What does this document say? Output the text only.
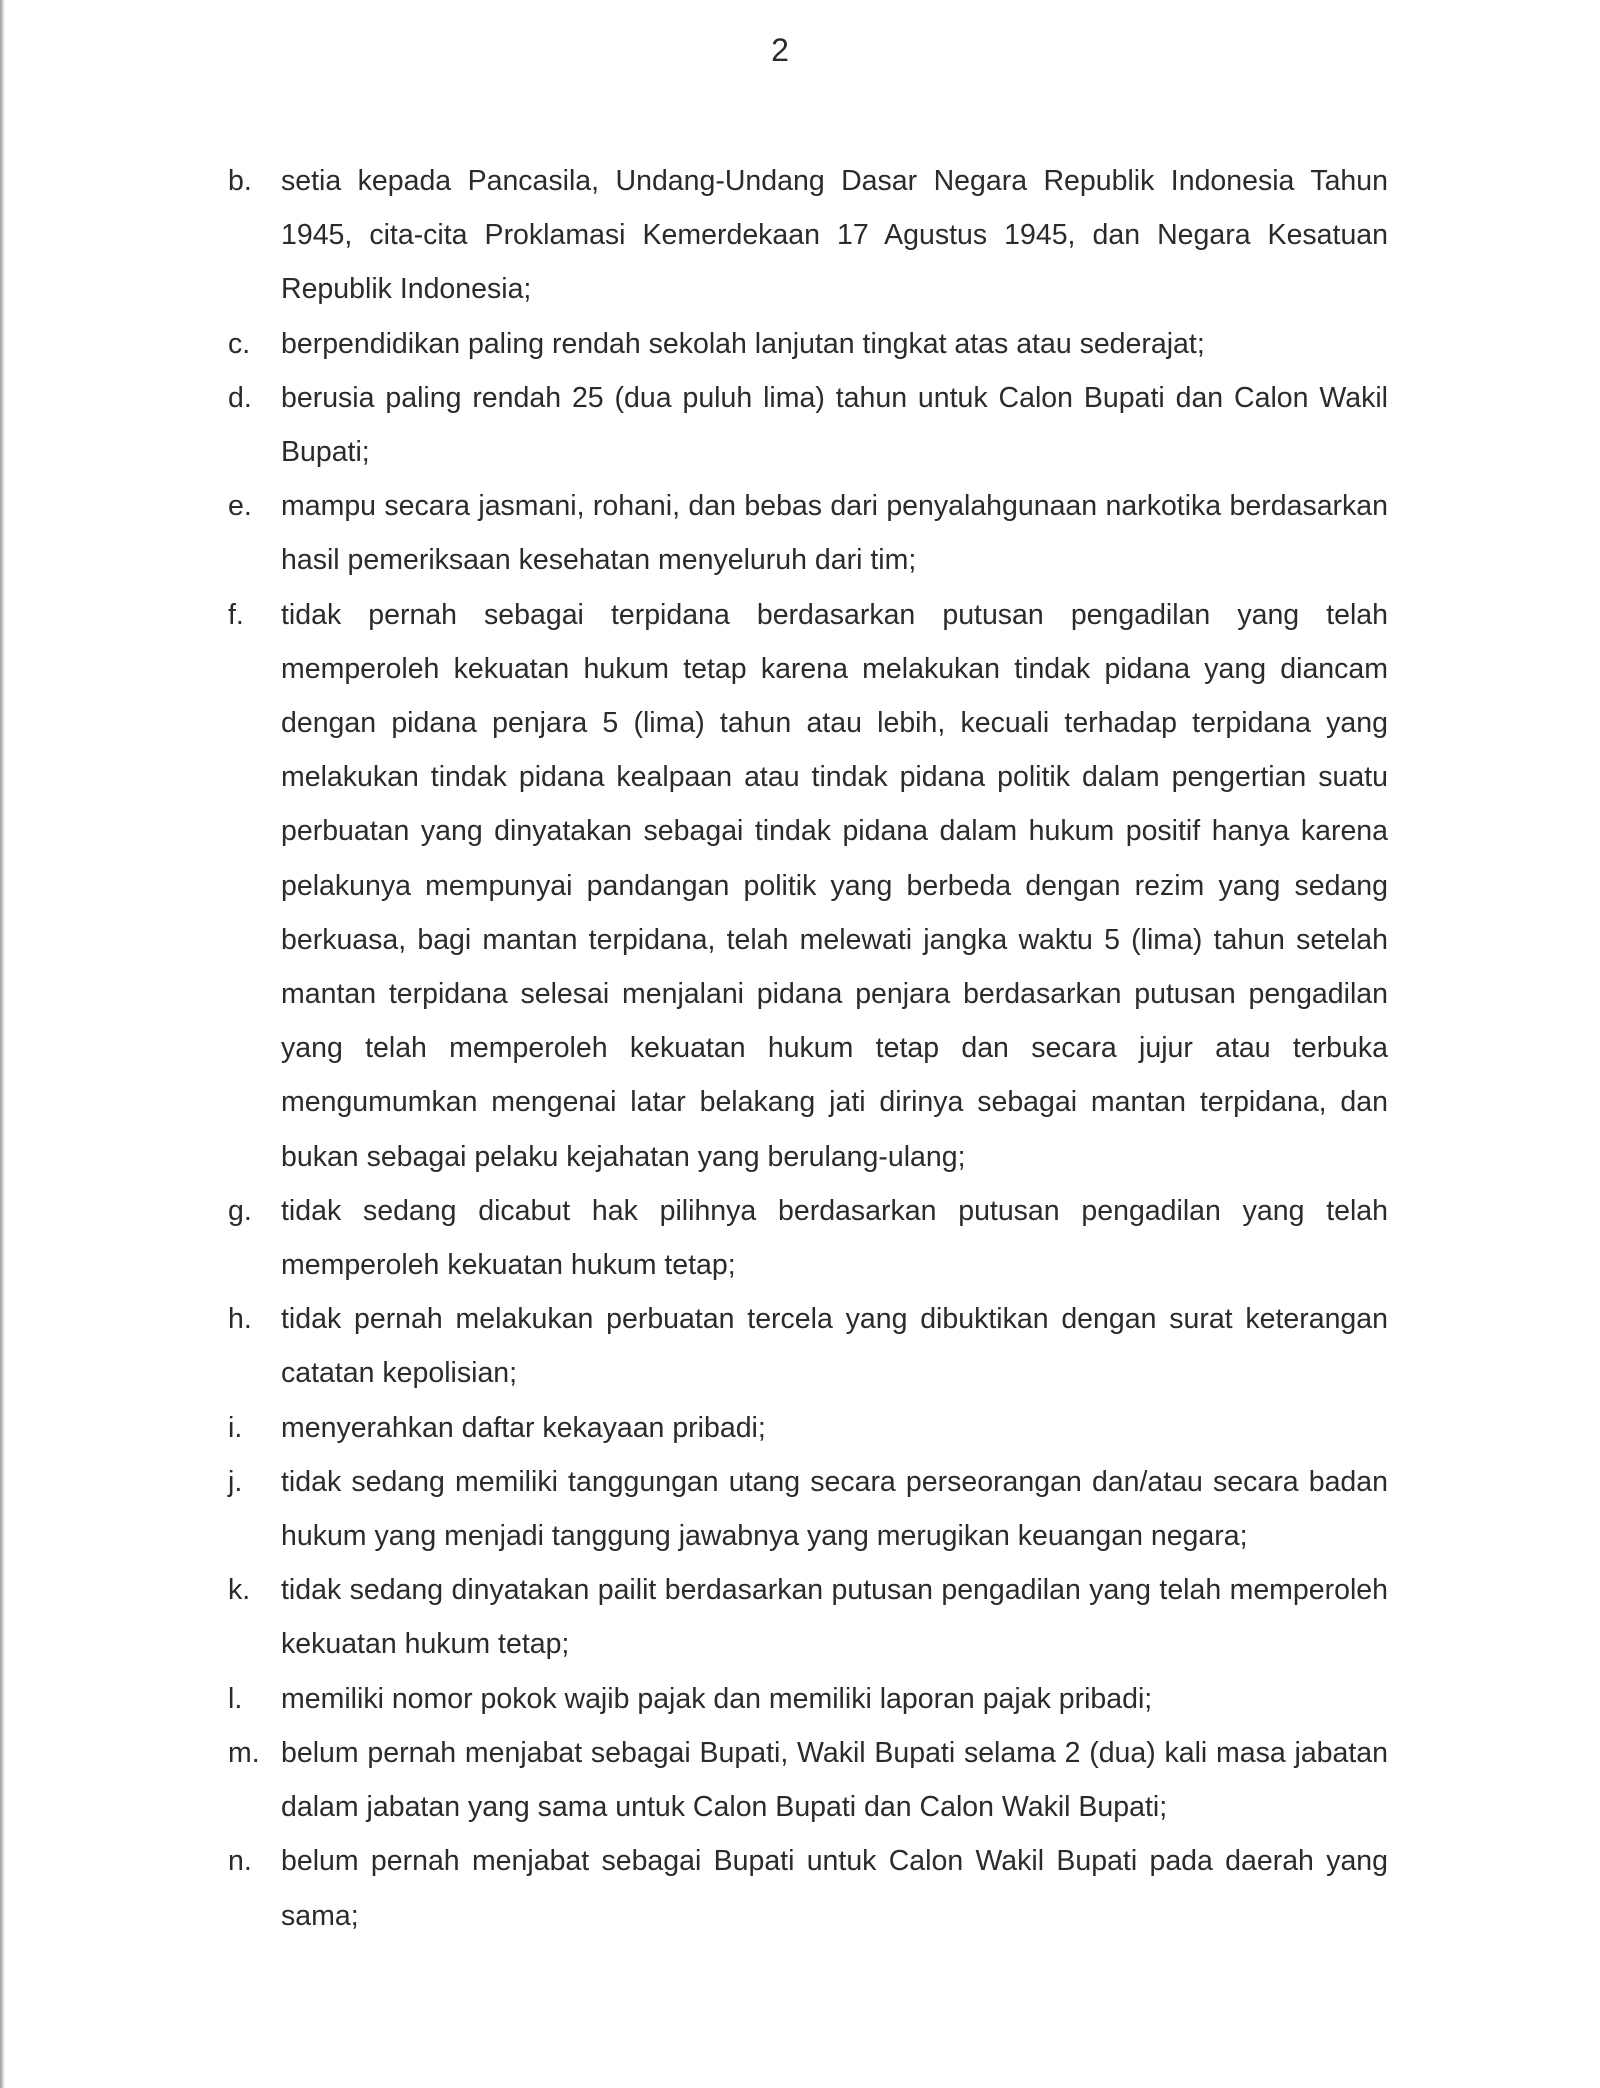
2
b.	setia kepada Pancasila, Undang-Undang Dasar Negara Republik Indonesia Tahun 1945, cita-cita Proklamasi Kemerdekaan 17 Agustus 1945, dan Negara Kesatuan Republik Indonesia;
c.	berpendidikan paling rendah sekolah lanjutan tingkat atas atau sederajat;
d.	berusia paling rendah 25 (dua puluh lima) tahun untuk Calon Bupati dan Calon Wakil Bupati;
e.	mampu secara jasmani, rohani, dan bebas dari penyalahgunaan narkotika berdasarkan hasil pemeriksaan kesehatan menyeluruh dari tim;
f.	tidak pernah sebagai terpidana berdasarkan putusan pengadilan yang telah memperoleh kekuatan hukum tetap karena melakukan tindak pidana yang diancam dengan pidana penjara 5 (lima) tahun atau lebih, kecuali terhadap terpidana yang melakukan tindak pidana kealpaan atau tindak pidana politik dalam pengertian suatu perbuatan yang dinyatakan sebagai tindak pidana dalam hukum positif hanya karena pelakunya mempunyai pandangan politik yang berbeda dengan rezim yang sedang berkuasa, bagi mantan terpidana, telah melewati jangka waktu 5 (lima) tahun setelah mantan terpidana selesai menjalani pidana penjara berdasarkan putusan pengadilan yang telah memperoleh kekuatan hukum tetap dan secara jujur atau terbuka mengumumkan mengenai latar belakang jati dirinya sebagai mantan terpidana, dan bukan sebagai pelaku kejahatan yang berulang-ulang;
g.	tidak sedang dicabut hak pilihnya berdasarkan putusan pengadilan yang telah memperoleh kekuatan hukum tetap;
h.	tidak pernah melakukan perbuatan tercela yang dibuktikan dengan surat keterangan catatan kepolisian;
i.	menyerahkan daftar kekayaan pribadi;
j.	tidak sedang memiliki tanggungan utang secara perseorangan dan/atau secara badan hukum yang menjadi tanggung jawabnya yang merugikan keuangan negara;
k.	tidak sedang dinyatakan pailit berdasarkan putusan pengadilan yang telah memperoleh kekuatan hukum tetap;
l.	memiliki nomor pokok wajib pajak dan memiliki laporan pajak pribadi;
m. belum pernah menjabat sebagai Bupati, Wakil Bupati selama 2 (dua) kali masa jabatan dalam jabatan yang sama untuk Calon Bupati dan Calon Wakil Bupati;
n.	belum pernah menjabat sebagai Bupati untuk Calon Wakil Bupati pada daerah yang sama;
